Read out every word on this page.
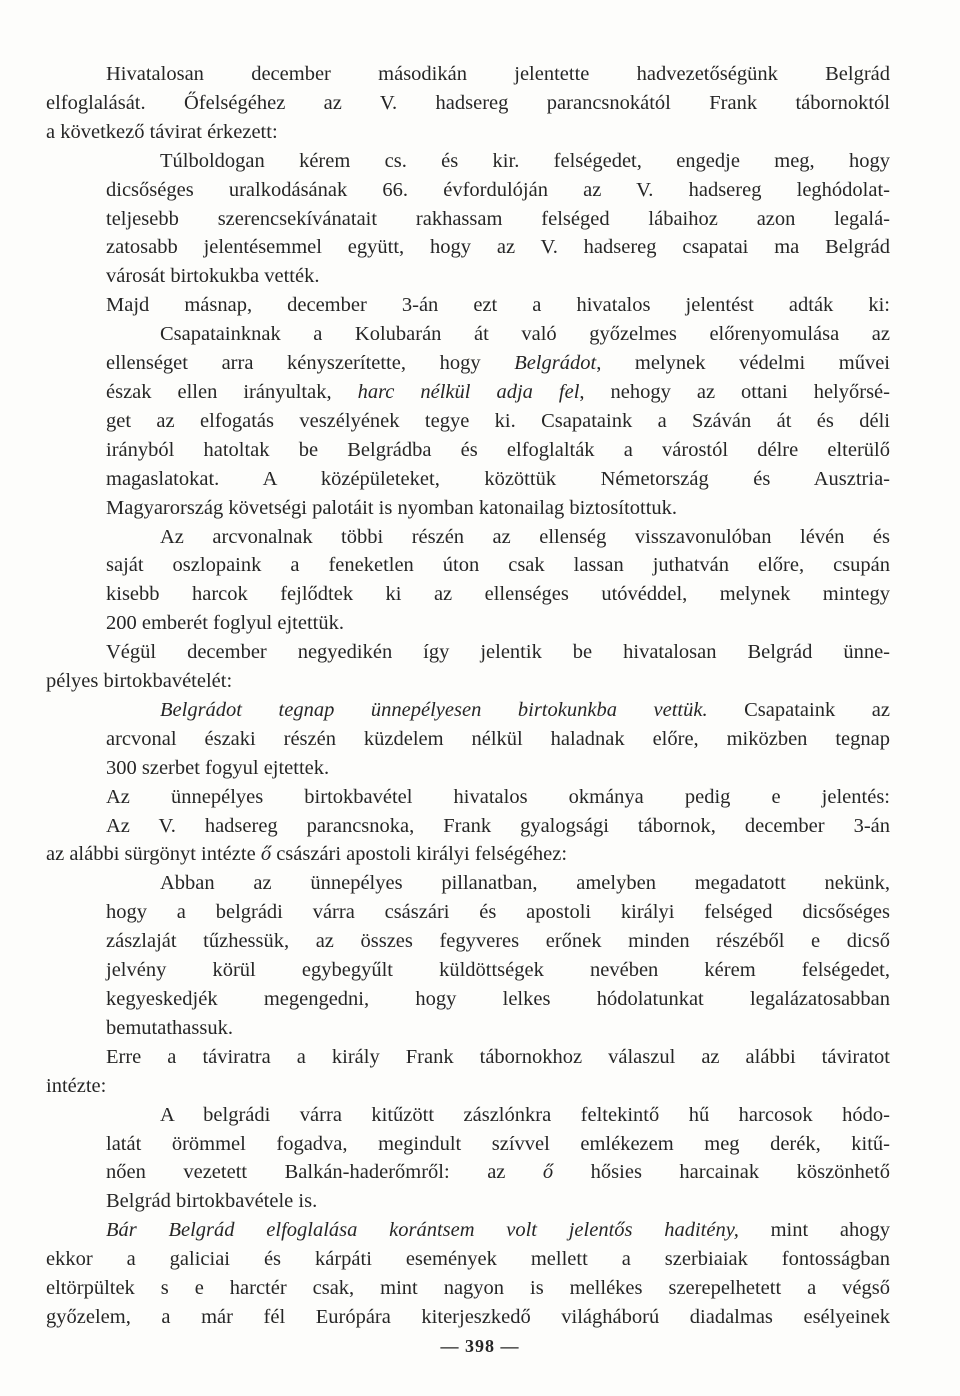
Hivatalosan december másodikán jelentette hadvezetőségünk Belgrád
elfoglalását. Őfelségéhez az V. hadsereg parancsnokától Frank tábornoktól
a következő távirat érkezett:
Túlboldogan kérem cs. és kir. felségedet, engedje meg, hogy
dicsőséges uralkodásának 66. évfordulóján az V. hadsereg leghódolat-
teljesebb szerencsekívánatait rakhassam felséged lábaihoz azon legalá-
zatosabb jelentésemmel együtt, hogy az V. hadsereg csapatai ma Belgrád
városát birtokukba vették.
Majd másnap, december 3-án ezt a hivatalos jelentést adták ki:
Csapatainknak a Kolubarán át való győzelmes előrenyomulása az
ellenséget arra kényszerítette, hogy Belgrádot, melynek védelmi művei
észak ellen irányultak, harc nélkül adja fel, nehogy az ottani helyőrsé-
get az elfogatás veszélyének tegye ki. Csapataink a Száván át és déli
irányból hatoltak be Belgrádba és elfoglalták a várostól délre elterülő
magaslatokat. A középületeket, közöttük Németország és Ausztria-
Magyarország követségi palotáit is nyomban katonailag biztosítottuk.
Az arcvonalnak többi részén az ellenség visszavonulóban lévén és
saját oszlopaink a feneketlen úton csak lassan juthatván előre, csupán
kisebb harcok fejlődtek ki az ellenséges utóvéddel, melynek mintegy
200 emberét foglyul ejtettük.
Végül december negyedikén így jelentik be hivatalosan Belgrád ünne-
pélyes birtokbavételét:
Belgrádot tegnap ünnepélyesen birtokunkba vettük. Csapataink az
arcvonal északi részén küzdelem nélkül haladnak előre, miközben tegnap
300 szerbet fogyul ejtettek.
Az ünnepélyes birtokbavétel hivatalos okmánya pedig e jelentés:
Az V. hadsereg parancsnoka, Frank gyalogsági tábornok, december 3-án
az alábbi sürgönyt intézte ő császári apostoli királyi felségéhez:
Abban az ünnepélyes pillanatban, amelyben megadatott nekünk,
hogy a belgrádi várra császári és apostoli királyi felséged dicsőséges
zászlaját tűzhessük, az összes fegyveres erőnek minden részéből e dicső
jelvény körül egybegyűlt küldöttségek nevében kérem felségedet,
kegyeskedjék megengedni, hogy lelkes hódolatunkat legalázatosabban
bemutathassuk.
Erre a táviratra a király Frank tábornokhoz válaszul az alábbi táviratot
intézte:
A belgrádi várra kitűzött zászlónkra feltekintő hű harcosok hódo-
latát örömmel fogadva, megindult szívvel emlékezem meg derék, kitű-
nően vezetett Balkán-haderőmről: az ő hősies harcainak köszönhető
Belgrád birtokbavétele is.
Bár Belgrád elfoglalása korántsem volt jelentős haditény, mint ahogy
ekkor a galiciai és kárpáti események mellett a szerbiaiak fontosságban
eltörpültek s e harctér csak, mint nagyon is mellékes szerepelhetett a végső
győzelem, a már fél Európára kiterjeszkedő világháború diadalmas esélyeinek
— 398 —
